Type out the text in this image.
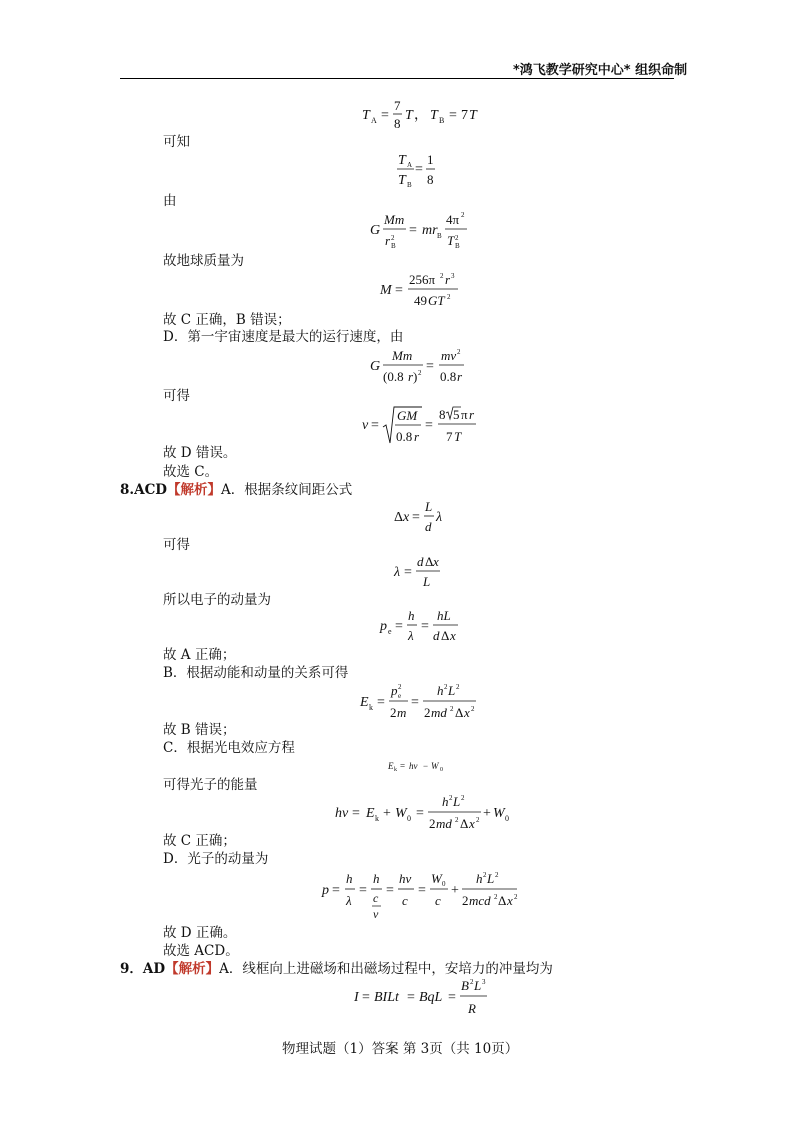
*鸿飞教学研究中心* 组织命制
T A =
7
8
T ， T B = 7 T
可知
T A
T B
=
1
8
由
G
Mm
r 2
B
= mr B
4π 2
T 2
B
故地球质量为
M =
256π 2 r 3
49 GT 2
故 C 正确，B 错误；
D．第一宇宙速度是最大的运行速度，由
G
Mm
(0.8 r ) 2 =
mv 2
0.8 r
可得
v =
GM
0.8 r
=
8 5 π r
7 T
故 D 错误。
故选 C。
8.ACD【解析】A．根据条纹间距公式
Δ x =
L
d
λ
可得
λ =
d Δ x
L
所以电子的动量为
p e =
h
λ
=
hL
d Δ x
故 A 正确；
B．根据动能和动量的关系可得
E k =
p 2
e
2 m
=
h 2 L 2
2 md 2 Δ x 2
故 B 错误；
C．根据光电效应方程
E k = hν − W 0
可得光子的能量
hν = E k + W 0 =
h 2 L 2
2 md 2 Δ x 2 + W 0
故 C 正确；
D．光子的动量为
p =
h
λ
=
h
c
ν
=
hν
c
=
W 0
c
+
h 2 L 2
2 mcd 2 Δ x 2
故 D 正确。
故选 ACD。
9．AD【解析】A．线框向上进磁场和出磁场过程中，安培力的冲量均为
I = BILt = BqL =
B 2 L 3
R
物理试题（1）答案 第 3页（共 10页）
